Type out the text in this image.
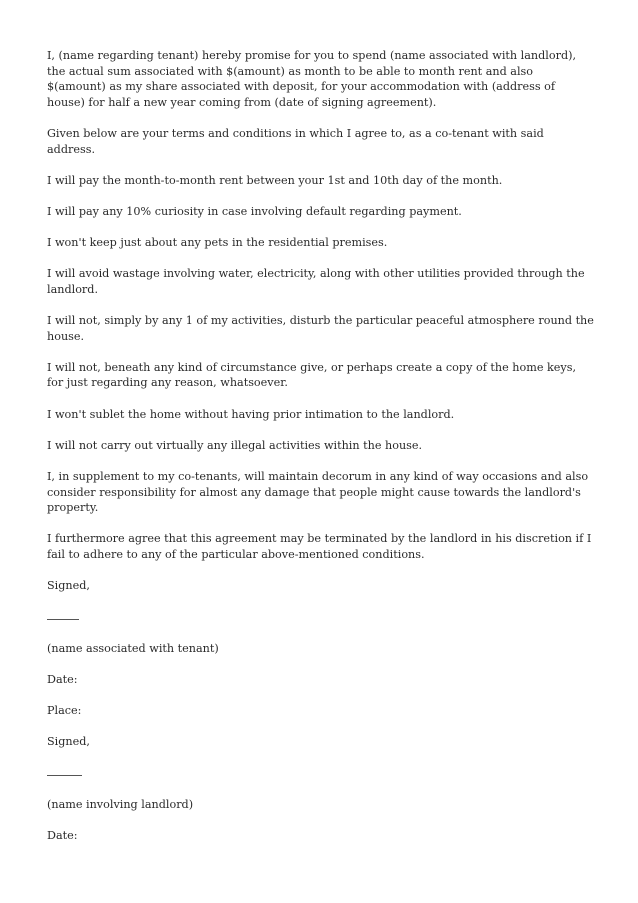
I, (name regarding tenant) hereby promise for you to spend (name associated with landlord), the actual sum associated with $(amount) as month to be able to month rent and also $(amount) as my share associated with deposit, for your accommodation with (address of house) for half a new year coming from (date of signing agreement).

Given below are your terms and conditions in which I agree to, as a co-tenant with said address.

I will pay the month-to-month rent between your 1st and 10th day of the month.

I will pay any 10% curiosity in case involving default regarding payment.

I won't keep just about any pets in the residential premises.

I will avoid wastage involving water, electricity, along with other utilities provided through the landlord.

I will not, simply by any 1 of my activities, disturb the particular peaceful atmosphere round the house.

I will not, beneath any kind of circumstance give, or perhaps create a copy of the home keys, for just regarding any reason, whatsoever.

I won't sublet the home without having prior intimation to the landlord.

I will not carry out virtually any illegal activities within the house.

I, in supplement to my co-tenants, will maintain decorum in any kind of way occasions and also consider responsibility for almost any damage that people might cause towards the landlord's property.

I furthermore agree that this agreement may be terminated by the landlord in his discretion if I fail to adhere to any of the particular above-mentioned conditions.

Signed,

(name associated with tenant)

Date:

Place:

Signed,

(name involving landlord)

Date:
